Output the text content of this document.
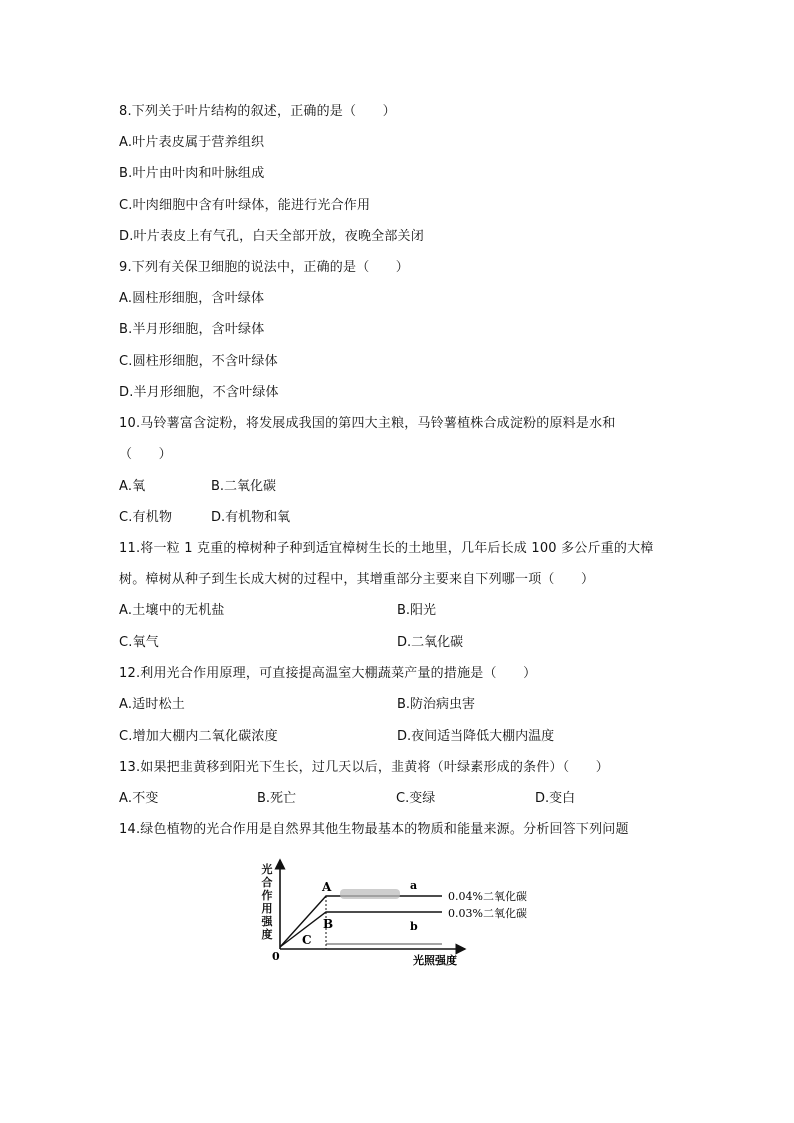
8.下列关于叶片结构的叙述，正确的是（　　）
A.叶片表皮属于营养组织
B.叶片由叶肉和叶脉组成
C.叶肉细胞中含有叶绿体，能进行光合作用
D.叶片表皮上有气孔，白天全部开放，夜晚全部关闭
9.下列有关保卫细胞的说法中，正确的是（　　）
A.圆柱形细胞，含叶绿体
B.半月形细胞，含叶绿体
C.圆柱形细胞，不含叶绿体
D.半月形细胞，不含叶绿体
10.马铃薯富含淀粉，将发展成我国的第四大主粮，马铃薯植株合成淀粉的原料是水和
（　　）
A.氧	B.二氧化碳
C.有机物	D.有机物和氧
11.将一粒 1 克重的樟树种子种到适宜樟树生长的土地里，几年后长成 100 多公斤重的大樟
树。樟树从种子到生长成大树的过程中，其增重部分主要来自下列哪一项（　　）
A.土壤中的无机盐	B.阳光
C.氧气	D.二氧化碳
12.利用光合作用原理，可直接提高温室大棚蔬菜产量的措施是（　　）
A.适时松土	B.防治病虫害
C.增加大棚内二氧化碳浓度	D.夜间适当降低大棚内温度
13.如果把韭黄移到阳光下生长，过几天以后，韭黄将（叶绿素形成的条件）（　　）
A.不变	B.死亡	C.变绿	D.变白
14.绿色植物的光合作用是自然界其他生物最基本的物质和能量来源。分析回答下列问题
光
合
作
用
强
度
0	光照强度
A
B
C
a
b
0.04%二氧化碳
0.03%二氧化碳
